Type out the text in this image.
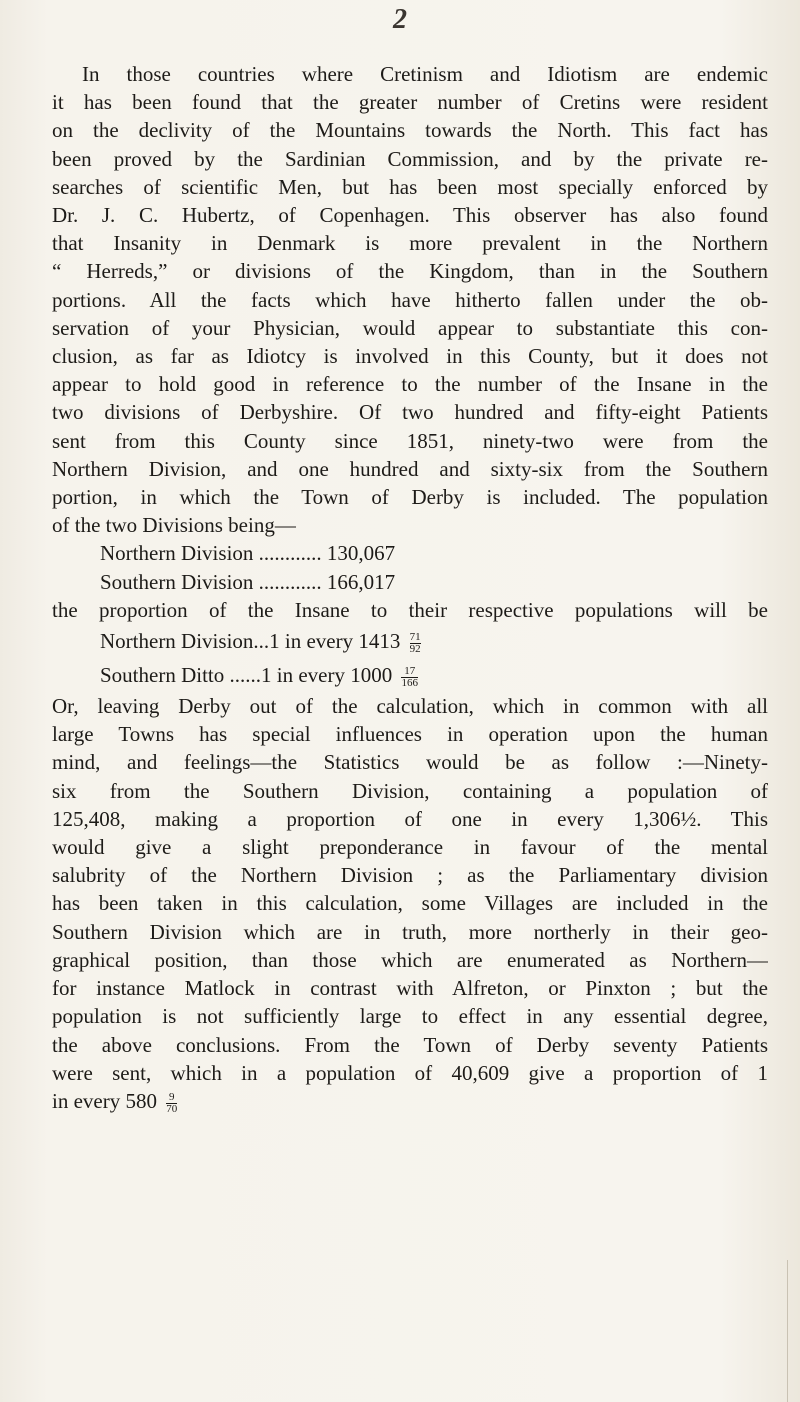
2
In those countries where Cretinism and Idiotism are endemic
it has been found that the greater number of Cretins were resident
on the declivity of the Mountains towards the North. This fact has
been proved by the Sardinian Commission, and by the private re-
searches of scientific Men, but has been most specially enforced by
Dr. J. C. Hubertz, of Copenhagen. This observer has also found
that Insanity in Denmark is more prevalent in the Northern
“ Herreds,” or divisions of the Kingdom, than in the Southern
portions. All the facts which have hitherto fallen under the ob-
servation of your Physician, would appear to substantiate this con-
clusion, as far as Idiotcy is involved in this County, but it does not
appear to hold good in reference to the number of the Insane in the
two divisions of Derbyshire. Of two hundred and fifty-eight Patients
sent from this County since 1851, ninety-two were from the
Northern Division, and one hundred and sixty-six from the Southern
portion, in which the Town of Derby is included. The population
of the two Divisions being—
Northern Division ............ 130,067
Southern Division ............ 166,017
the proportion of the Insane to their respective populations will be
Northern Division...1 in every $1413 \frac{71}{92}$
Southern Ditto ......1 in every $1000 \frac{17}{166}$
Or, leaving Derby out of the calculation, which in common with all
large Towns has special influences in operation upon the human
mind, and feelings—the Statistics would be as follow :—Ninety-
six from the Southern Division, containing a population of
125,408, making a proportion of one in every 1,306½. This
would give a slight preponderance in favour of the mental
salubrity of the Northern Division ; as the Parliamentary division
has been taken in this calculation, some Villages are included in the
Southern Division which are in truth, more northerly in their geo-
graphical position, than those which are enumerated as Northern—
for instance Matlock in contrast with Alfreton, or Pinxton ; but the
population is not sufficiently large to effect in any essential degree,
the above conclusions. From the Town of Derby seventy Patients
were sent, which in a population of 40,609 give a proportion of 1
in every $580 \frac{9}{70}$
